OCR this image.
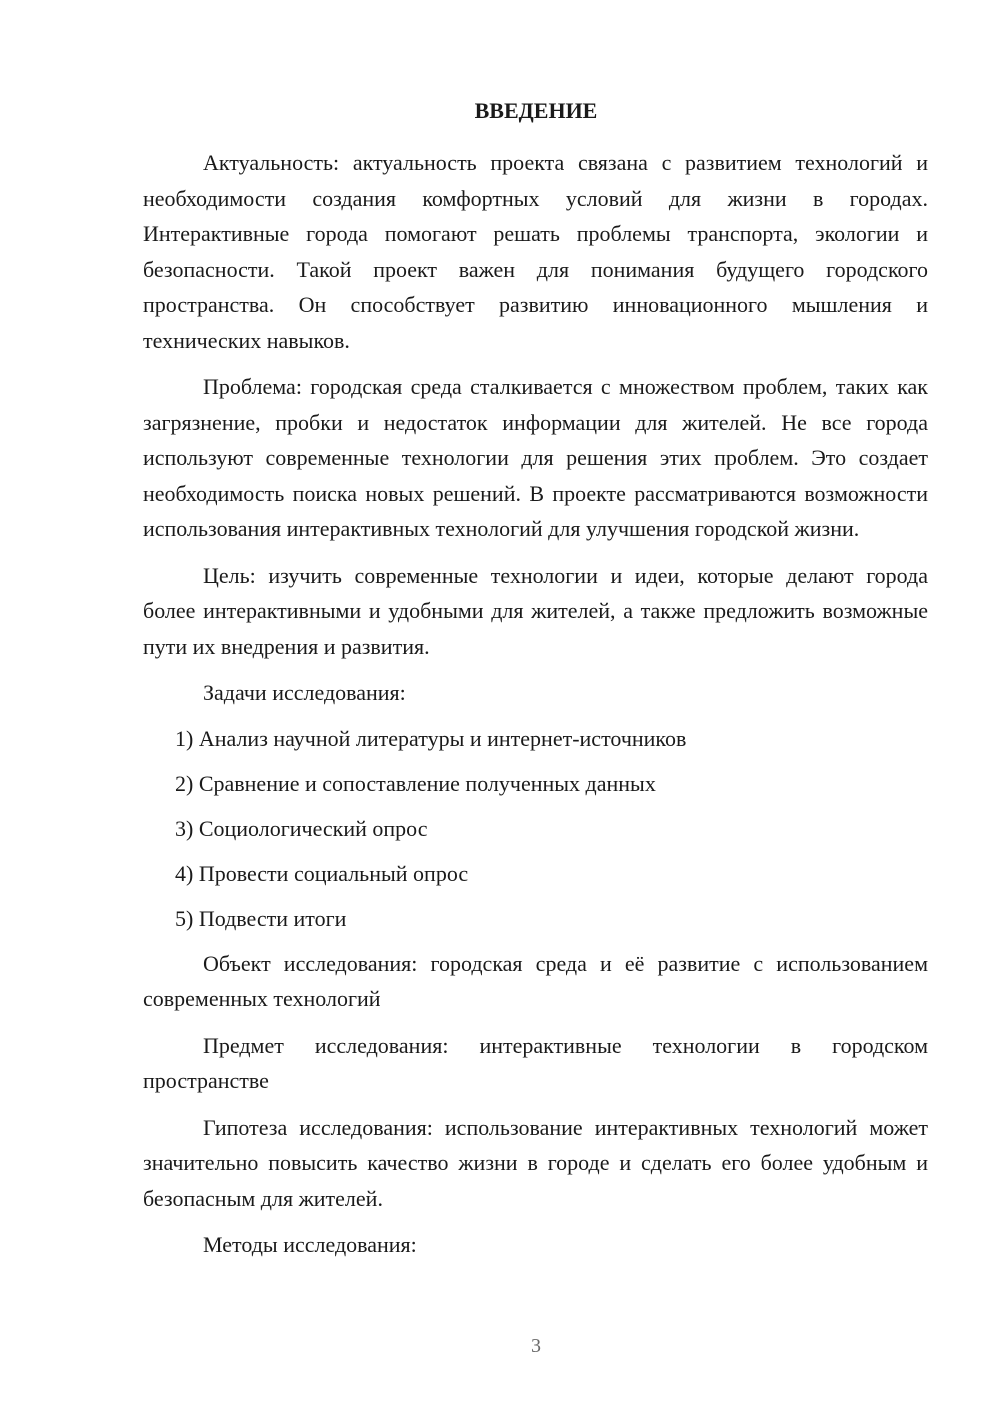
ВВЕДЕНИЕ

Актуальность: актуальность проекта связана с развитием технологий и необходимости создания комфортных условий для жизни в городах. Интерактивные города помогают решать проблемы транспорта, экологии и безопасности. Такой проект важен для понимания будущего городского пространства. Он способствует развитию инновационного мышления и технических навыков.

Проблема: городская среда сталкивается с множеством проблем, таких как загрязнение, пробки и недостаток информации для жителей. Не все города используют современные технологии для решения этих проблем. Это создает необходимость поиска новых решений. В проекте рассматриваются возможности использования интерактивных технологий для улучшения городской жизни.

Цель: изучить современные технологии и идеи, которые делают города более интерактивными и удобными для жителей, а также предложить возможные пути их внедрения и развития.

Задачи исследования:

1) Анализ научной литературы и интернет-источников

2) Сравнение и сопоставление полученных данных

3) Социологический опрос

4) Провести социальный опрос

5) Подвести итоги

Объект исследования: городская среда и её развитие с использованием современных технологий

Предмет исследования: интерактивные технологии в городском пространстве

Гипотеза исследования: использование интерактивных технологий может значительно повысить качество жизни в городе и сделать его более удобным и безопасным для жителей.

Методы исследования:

3
